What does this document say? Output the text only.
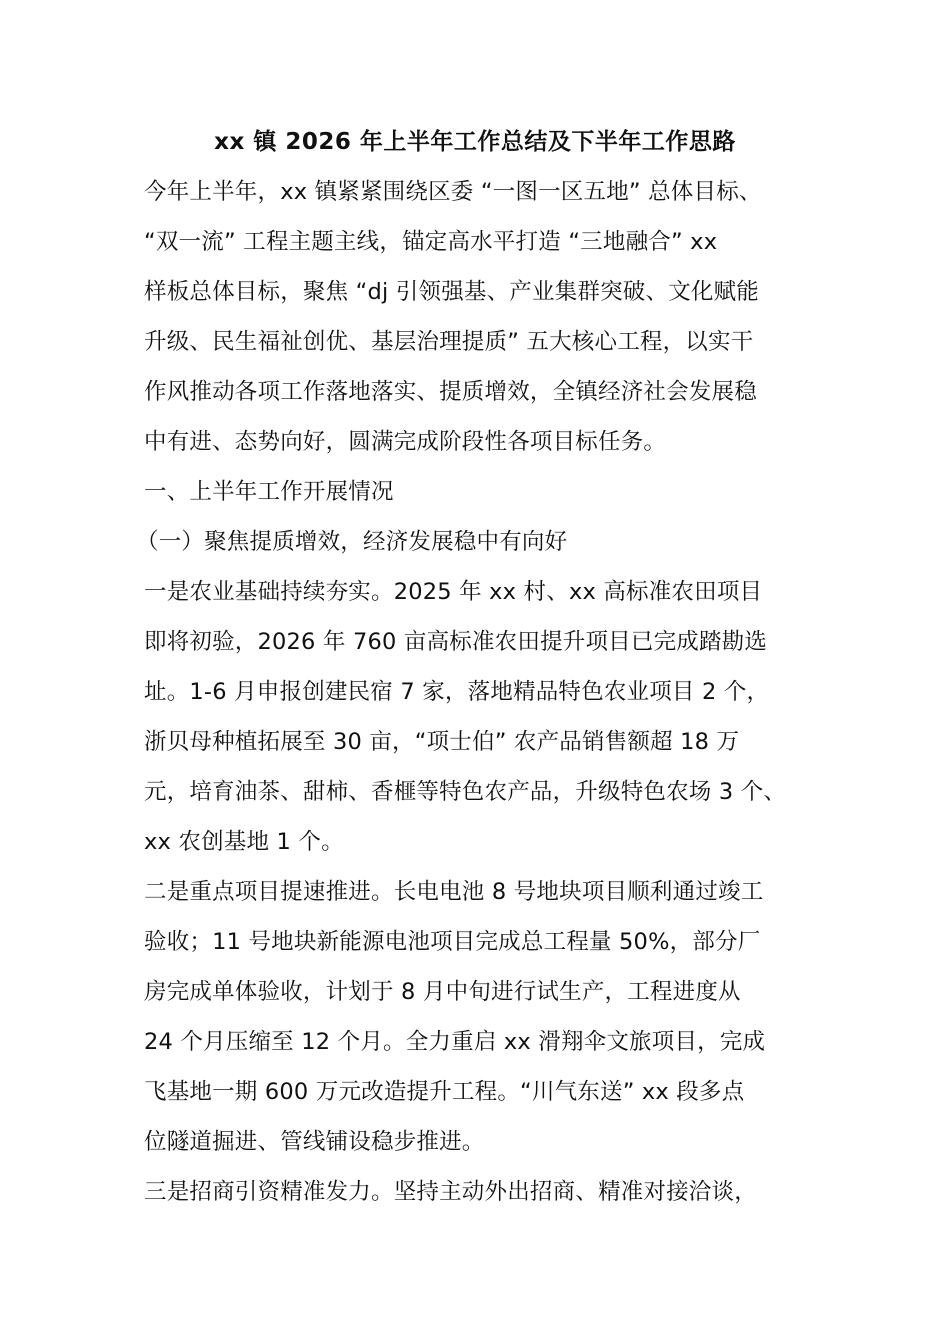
xx 镇 2026 年上半年工作总结及下半年工作思路
今年上半年，xx 镇紧紧围绕区委 “一图一区五地” 总体目标、
“双一流” 工程主题主线，锚定高水平打造 “三地融合” xx
样板总体目标，聚焦 “dj 引领强基、产业集群突破、文化赋能
升级、民生福祉创优、基层治理提质” 五大核心工程，以实干
作风推动各项工作落地落实、提质增效，全镇经济社会发展稳
中有进、态势向好，圆满完成阶段性各项目标任务。
一、上半年工作开展情况
（一）聚焦提质增效，经济发展稳中有向好
一是农业基础持续夯实。2025 年 xx 村、xx 高标准农田项目
即将初验，2026 年 760 亩高标准农田提升项目已完成踏勘选
址。1-6 月申报创建民宿 7 家，落地精品特色农业项目 2 个，
浙贝母种植拓展至 30 亩，“项士伯” 农产品销售额超 18 万
元，培育油茶、甜柿、香榧等特色农产品，升级特色农场 3 个、
xx 农创基地 1 个。
二是重点项目提速推进。长电电池 8 号地块项目顺利通过竣工
验收；11 号地块新能源电池项目完成总工程量 50%，部分厂
房完成单体验收，计划于 8 月中旬进行试生产，工程进度从
24 个月压缩至 12 个月。全力重启 xx 滑翔伞文旅项目，完成
飞基地一期 600 万元改造提升工程。“川气东送” xx 段多点
位隧道掘进、管线铺设稳步推进。
三是招商引资精准发力。坚持主动外出招商、精准对接洽谈，
